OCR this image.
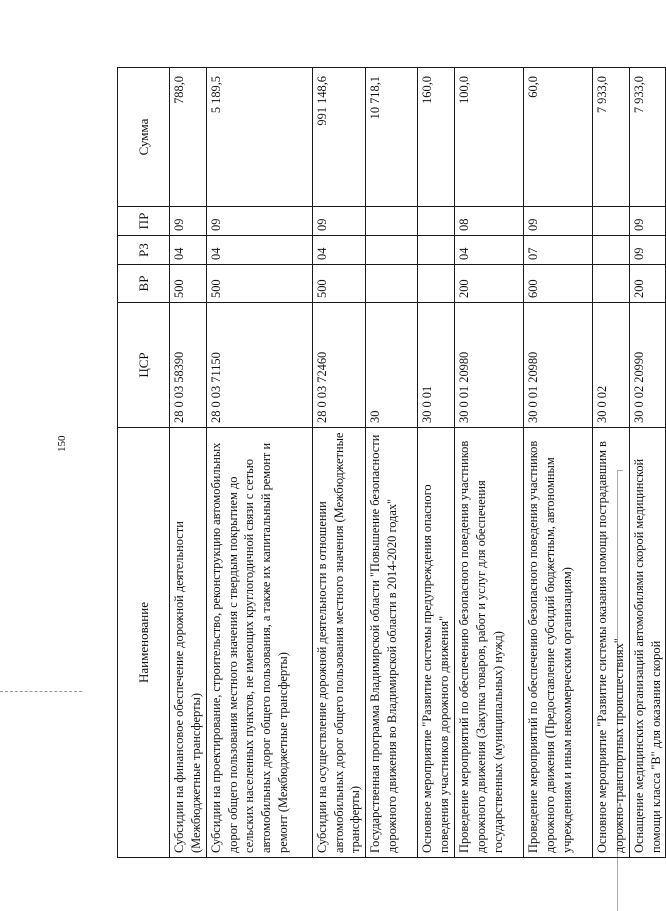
150
Наименование	ЦСР	ВР	РЗ	ПР	Сумма
Субсидии на финансовое обеспечение дорожной деятельности (Межбюджетные трансферты)	28 0 03 58390	500	04	09	788,0
Субсидии на проектирование, строительство, реконструкцию автомобильных дорог общего пользования местного значения с твердым покрытием до сельских населенных пунктов, не имеющих круглогодичной связи с сетью автомобильных дорог общего пользования, а также их капитальный ремонт и ремонт (Межбюджетные трансферты)	28 0 03 71150	500	04	09	5 189,5
Субсидии на осуществление дорожной деятельности в отношении автомобильных дорог общего пользования местного значения (Межбюджетные трансферты)	28 0 03 72460	500	04	09	991 148,6
Государственная программа Владимирской области "Повышение безопасности дорожного движения во Владимирской области в 2014-2020 годах"	30				10 718,1
Основное мероприятие "Развитие системы предупреждения опасного поведения участников дорожного движения"	30 0 01				160,0
Проведение мероприятий по обеспечению безопасного поведения участников дорожного движения (Закупка товаров, работ и услуг для обеспечения государственных (муниципальных) нужд)	30 0 01 20980	200	04	08	100,0
Проведение мероприятий по обеспечению безопасного поведения участников дорожного движения (Предоставление субсидий бюджетным, автономным учреждениям и иным некоммерческим организациям)	30 0 01 20980	600	07	09	60,0
Основное мероприятие "Развитие системы оказания помощи пострадавшим в дорожно-транспортных происшествиях"	30 0 02				7 933,0
Оснащение медицинских организаций автомобилями скорой медицинской помощи класса "В" для оказания скорой	30 0 02 20990	200	09	09	7 933,0
